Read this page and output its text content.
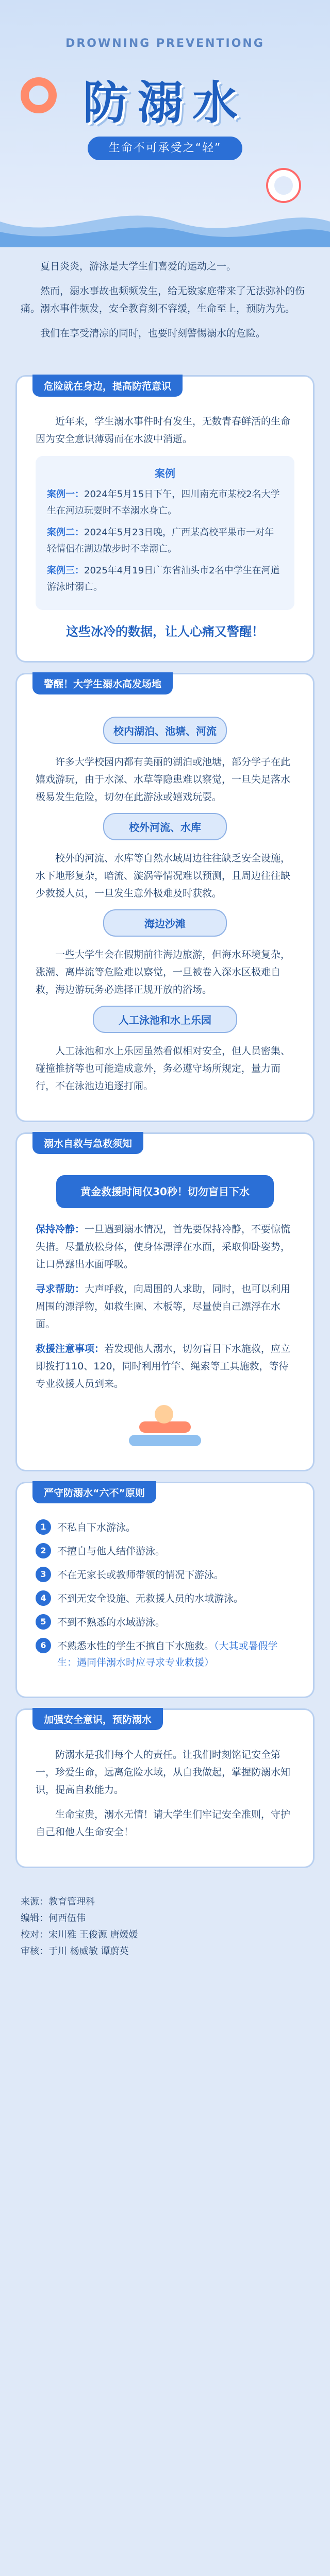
DROWNING PREVENTIONG
防溺水
生命不可承受之“轻”

夏日炎炎，游泳是大学生们喜爱的运动之一。

然而，溺水事故也频频发生，给无数家庭带来了无法弥补的伤痛。溺水事件频发，安全教育刻不容缓，生命至上，预防为先。

我们在享受清凉的同时，也要时刻警惕溺水的危险。

危险就在身边，提高防范意识

近年来，学生溺水事件时有发生，无数青春鲜活的生命因为安全意识薄弱而在水波中消逝。

案例
案例一：2024年5月15日下午，四川南充市某校2名大学生在河边玩耍时不幸溺水身亡。
案例二：2024年5月23日晚，广西某高校平果市一对年轻情侣在湖边散步时不幸溺亡。
案例三：2025年4月19日广东省汕头市2名中学生在河道游泳时溺亡。
这些冰冷的数据，让人心痛又警醒！
警醒！大学生溺水高发场地
校内湖泊、池塘、河流

许多大学校园内都有美丽的湖泊或池塘，部分学子在此嬉戏游玩，由于水深、水草等隐患难以察觉，一旦失足落水极易发生危险，切勿在此游泳或嬉戏玩耍。

校外河流、水库

校外的河流、水库等自然水域周边往往缺乏安全设施，水下地形复杂，暗流、漩涡等情况难以预测，且周边往往缺少救援人员，一旦发生意外极难及时获救。

海边沙滩

一些大学生会在假期前往海边旅游，但海水环境复杂，涨潮、离岸流等危险难以察觉，一旦被卷入深水区极难自救，海边游玩务必选择正规开放的浴场。

人工泳池和水上乐园

人工泳池和水上乐园虽然看似相对安全，但人员密集、碰撞推挤等也可能造成意外，务必遵守场所规定，量力而行，不在泳池边追逐打闹。

溺水自救与急救须知
黄金救援时间仅30秒！切勿盲目下水
保持冷静：一旦遇到溺水情况，首先要保持冷静，不要惊慌失措。尽量放松身体，使身体漂浮在水面，采取仰卧姿势，让口鼻露出水面呼吸。
寻求帮助：大声呼救，向周围的人求助，同时，也可以利用周围的漂浮物，如救生圈、木板等，尽量使自己漂浮在水面。
救援注意事项：若发现他人溺水，切勿盲目下水施救，应立即拨打110、120，同时利用竹竿、绳索等工具施救，等待专业救援人员到来。
严守防溺水“六不”原则
1	不私自下水游泳。
2	不擅自与他人结伴游泳。
3	不在无家长或教师带领的情况下游泳。
4	不到无安全设施、无救援人员的水域游泳。
5	不到不熟悉的水域游泳。
6	不熟悉水性的学生不擅自下水施救。（大其或暑假学生：遇同伴溺水时应寻求专业救援）
加强安全意识，预防溺水

防溺水是我们每个人的责任。让我们时刻铭记安全第一，珍爱生命，远离危险水域，从自我做起，掌握防溺水知识，提高自救能力。

生命宝贵，溺水无情！请大学生们牢记安全准则，守护自己和他人生命安全！

来源：教育管理科
编辑：何西伍伟
校对：宋川雅 王俊源 唐媛媛
审核：于川 杨威敏 谭蔚英
